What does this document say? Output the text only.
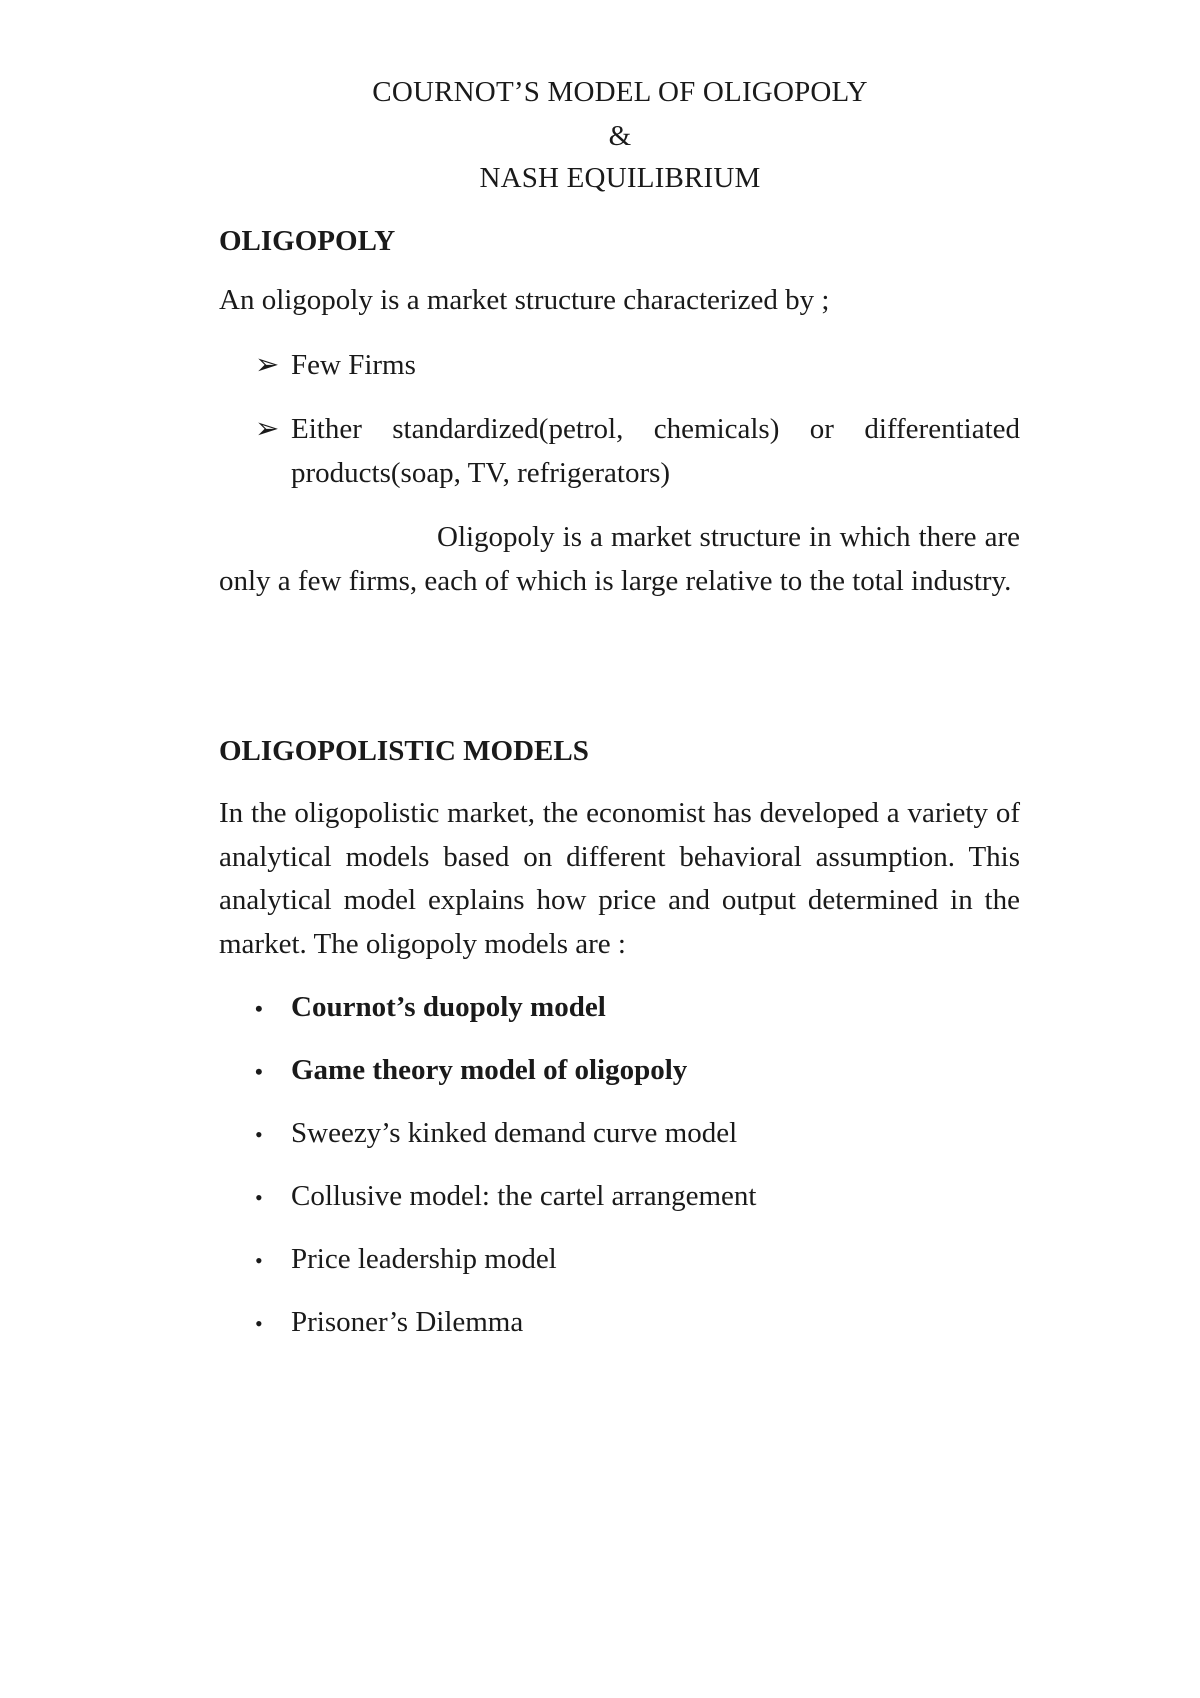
COURNOT’S MODEL OF OLIGOPOLY
&
NASH EQUILIBRIUM
OLIGOPOLY
An oligopoly is a market structure characterized by ;
➢ Few Firms
➢ Either standardized(petrol, chemicals) or differentiated products(soap, TV, refrigerators)
Oligopoly is a market structure in which there are only a few firms, each of which is large relative to the total industry.
OLIGOPOLISTIC MODELS
In the oligopolistic market, the economist has developed a variety of analytical models based on different behavioral assumption. This analytical model explains how price and output determined in the market. The oligopoly models are :
• Cournot’s duopoly model
• Game theory model of oligopoly
• Sweezy’s kinked demand curve model
• Collusive model: the cartel arrangement
• Price leadership model
• Prisoner’s Dilemma
